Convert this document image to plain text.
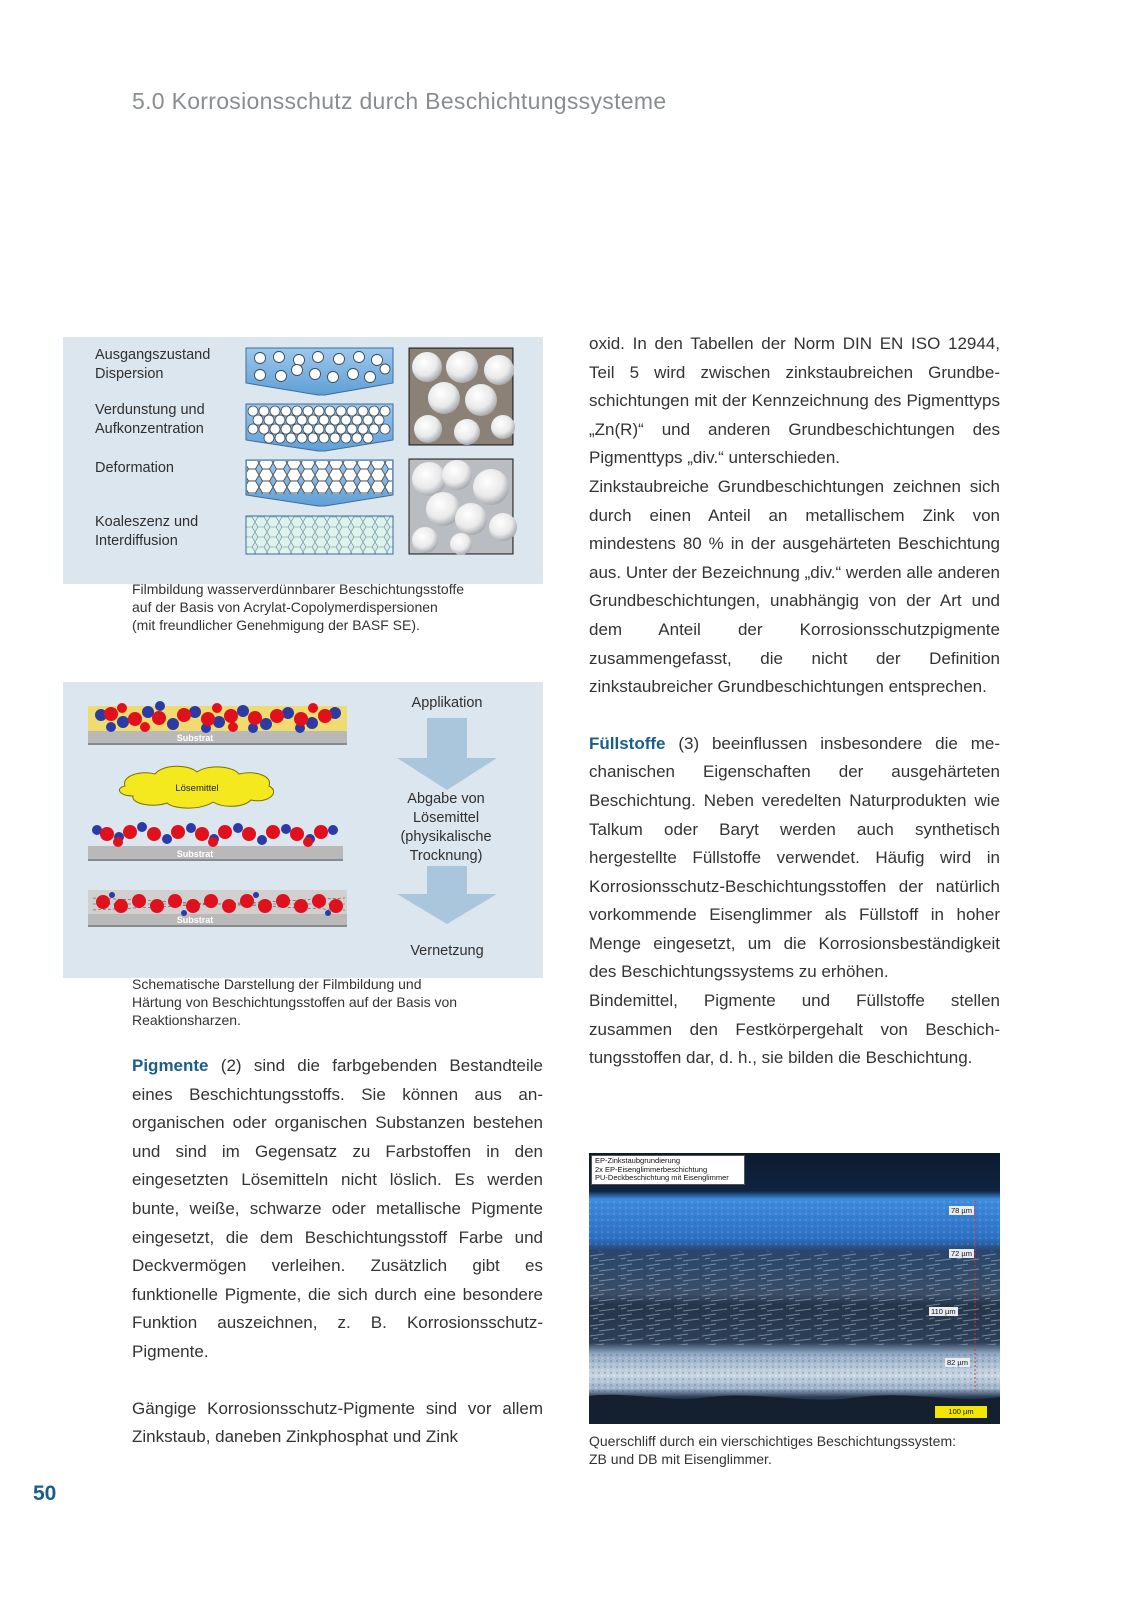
5.0 Korrosionsschutz durch Beschichtungssysteme
Ausgangszustand
Dispersion
Verdunstung und
Aufkonzentration
Deformation
Koaleszenz und
Interdiffusion

Filmbildung wasserverdünnbarer Beschichtungsstoffe
auf der Basis von Acrylat-Copolymerdispersionen
(mit freundlicher Genehmigung der BASF SE).

Substrat
Lösemittel
Substrat
Substrat
Applikation
Abgabe von
Lösemittel
(physikalische
Trocknung)
Vernetzung

Schematische Darstellung der Filmbildung und
Härtung von Beschichtungsstoffen auf der Basis von
Reaktionsharzen.

Pigmente (2) sind die farbgebenden Bestandteile eines Beschichtungsstoffs. Sie können aus anorganischen oder organischen Substanzen bestehen und sind im Gegensatz zu Farbstoffen in den eingesetzten Lösemitteln nicht löslich. Es werden bunte, weiße, schwarze oder metallische Pigmente eingesetzt, die dem Beschichtungsstoff Farbe und Deckvermögen verleihen. Zusätzlich gibt es funktionelle Pigmente, die sich durch eine besondere Funktion auszeichnen, z. B. Korrosionsschutz-Pigmente.

Gängige Korrosionsschutz-Pigmente sind vor allem Zinkstaub, daneben Zinkphosphat und Zink

oxid. In den Tabellen der Norm DIN EN ISO 12944, Teil 5 wird zwischen zinkstaubreichen Grundbeschichtungen mit der Kennzeichnung des Pigmenttyps „Zn(R)“ und anderen Grundbeschichtungen des Pigmenttyps „div.“ unterschieden.

Zinkstaubreiche Grundbeschichtungen zeichnen sich durch einen Anteil an metallischem Zink von mindestens 80 % in der ausgehärteten Beschichtung aus. Unter der Bezeichnung „div.“ werden alle anderen Grundbeschichtungen, unabhängig von der Art und dem Anteil der Korrosionsschutzpigmente zusammengefasst, die nicht der Definition zinkstaubreicher Grundbeschichtungen entsprechen.

Füllstoffe (3) beeinflussen insbesondere die mechanischen Eigenschaften der ausgehärteten Beschichtung. Neben veredelten Naturprodukten wie Talkum oder Baryt werden auch synthetisch hergestellte Füllstoffe verwendet. Häufig wird in Korrosionsschutz-Beschichtungsstoffen der natürlich vorkommende Eisenglimmer als Füllstoff in hoher Menge eingesetzt, um die Korrosionsbeständigkeit des Beschichtungssystems zu erhöhen.

Bindemittel, Pigmente und Füllstoffe stellen zusammen den Festkörpergehalt von Beschichtungsstoffen dar, d. h., sie bilden die Beschichtung.

EP-Zinkstaubgrundierung
2x EP-Eisenglimmerbeschichtung
PU-Deckbeschichtung mit Eisenglimmer
78 µm
72 µm
110 µm
82 µm
100 µm

Querschliff durch ein vierschichtiges Beschichtungssystem:
ZB und DB mit Eisenglimmer.

50
